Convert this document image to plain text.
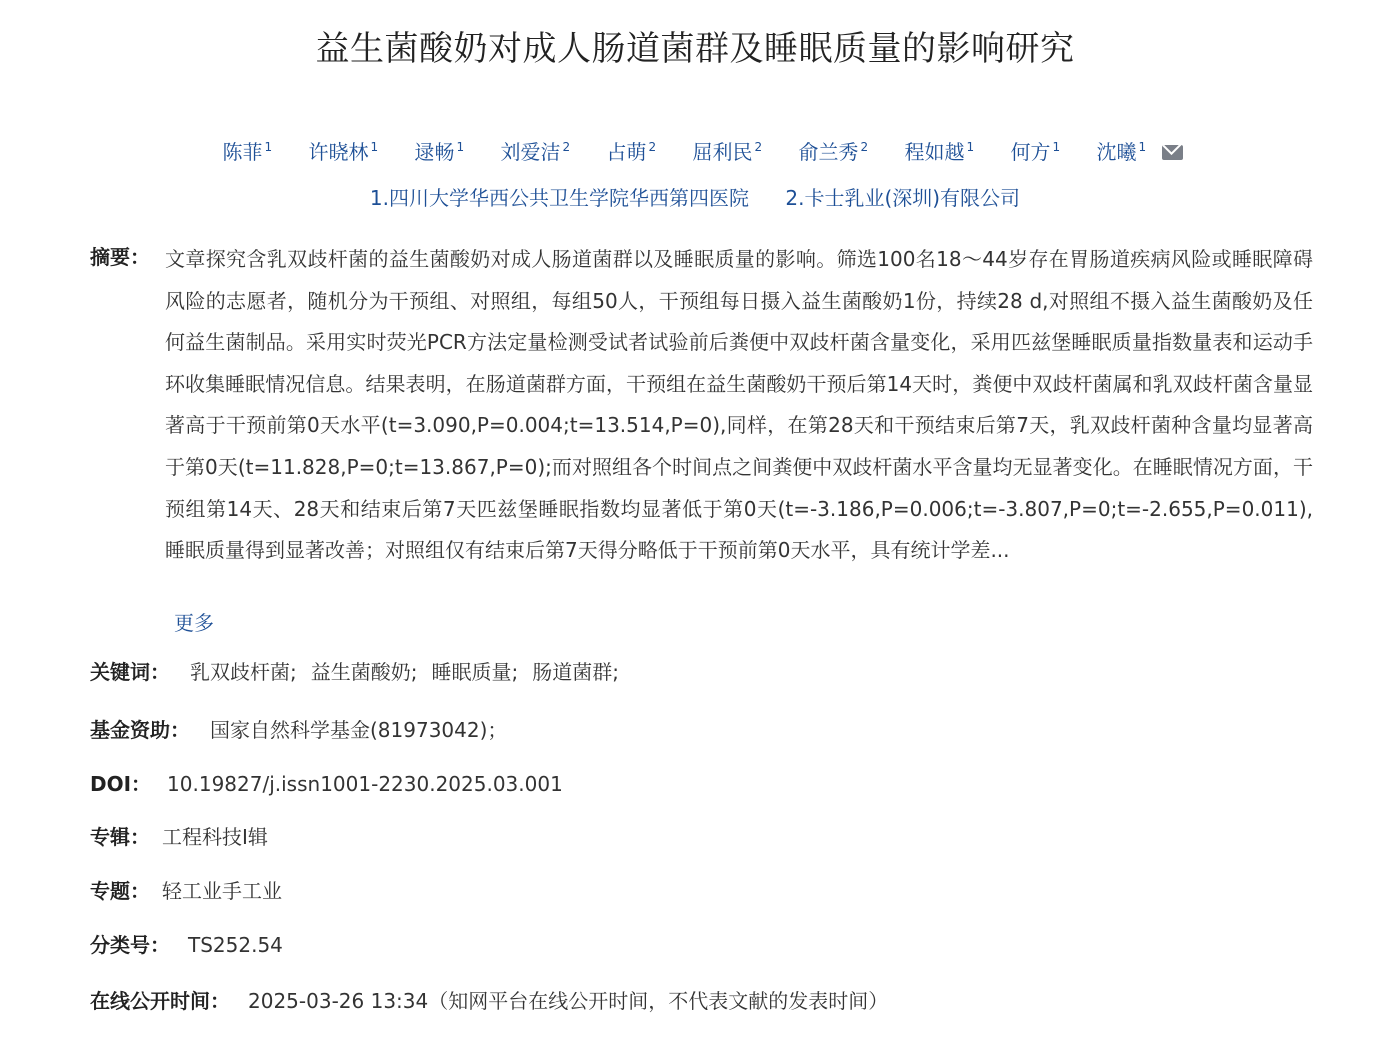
益生菌酸奶对成人肠道菌群及睡眠质量的影响研究
陈菲 $^1$ 许晓林 $^1$ 逯畅 $^1$ 刘爱洁 $^2$ 占萌 $^2$ 屈利民 $^2$ 俞兰秀 $^2$ 程如越 $^1$ 何方 $^1$ 沈曦 $^1$
1.四川大学华西公共卫生学院华西第四医院 2.卡士乳业(深圳)有限公司
摘要： 文章探究含乳双歧杆菌的益生菌酸奶对成人肠道菌群以及睡眠质量的影响。筛选100名18～44岁存在胃肠道疾病风险或睡眠障碍风险的志愿者，随机分为干预组、对照组，每组50人，干预组每日摄入益生菌酸奶1份，持续28 d,对照组不摄入益生菌酸奶及任何益生菌制品。采用实时荧光PCR方法定量检测受试者试验前后粪便中双歧杆菌含量变化，采用匹兹堡睡眠质量指数量表和运动手环收集睡眠情况信息。结果表明，在肠道菌群方面，干预组在益生菌酸奶干预后第14天时，粪便中双歧杆菌属和乳双歧杆菌含量显著高于干预前第0天水平(t=3.090,P=0.004;t=13.514,P=0),同样，在第28天和干预结束后第7天，乳双歧杆菌种含量均显著高于第0天(t=11.828,P=0;t=13.867,P=0);而对照组各个时间点之间粪便中双歧杆菌水平含量均无显著变化。在睡眠情况方面，干预组第14天、28天和结束后第7天匹兹堡睡眠指数均显著低于第0天(t=-3.186,P=0.006;t=-3.807,P=0;t=-2.655,P=0.011),睡眠质量得到显著改善；对照组仅有结束后第7天得分略低于干预前第0天水平，具有统计学差...
更多
关键词： 乳双歧杆菌; 益生菌酸奶; 睡眠质量; 肠道菌群;
基金资助： 国家自然科学基金(81973042)；
DOI： 10.19827/j.issn1001-2230.2025.03.001
专辑： 工程科技Ⅰ辑
专题： 轻工业手工业
分类号： TS252.54
在线公开时间： 2025-03-26 13:34（知网平台在线公开时间，不代表文献的发表时间）
